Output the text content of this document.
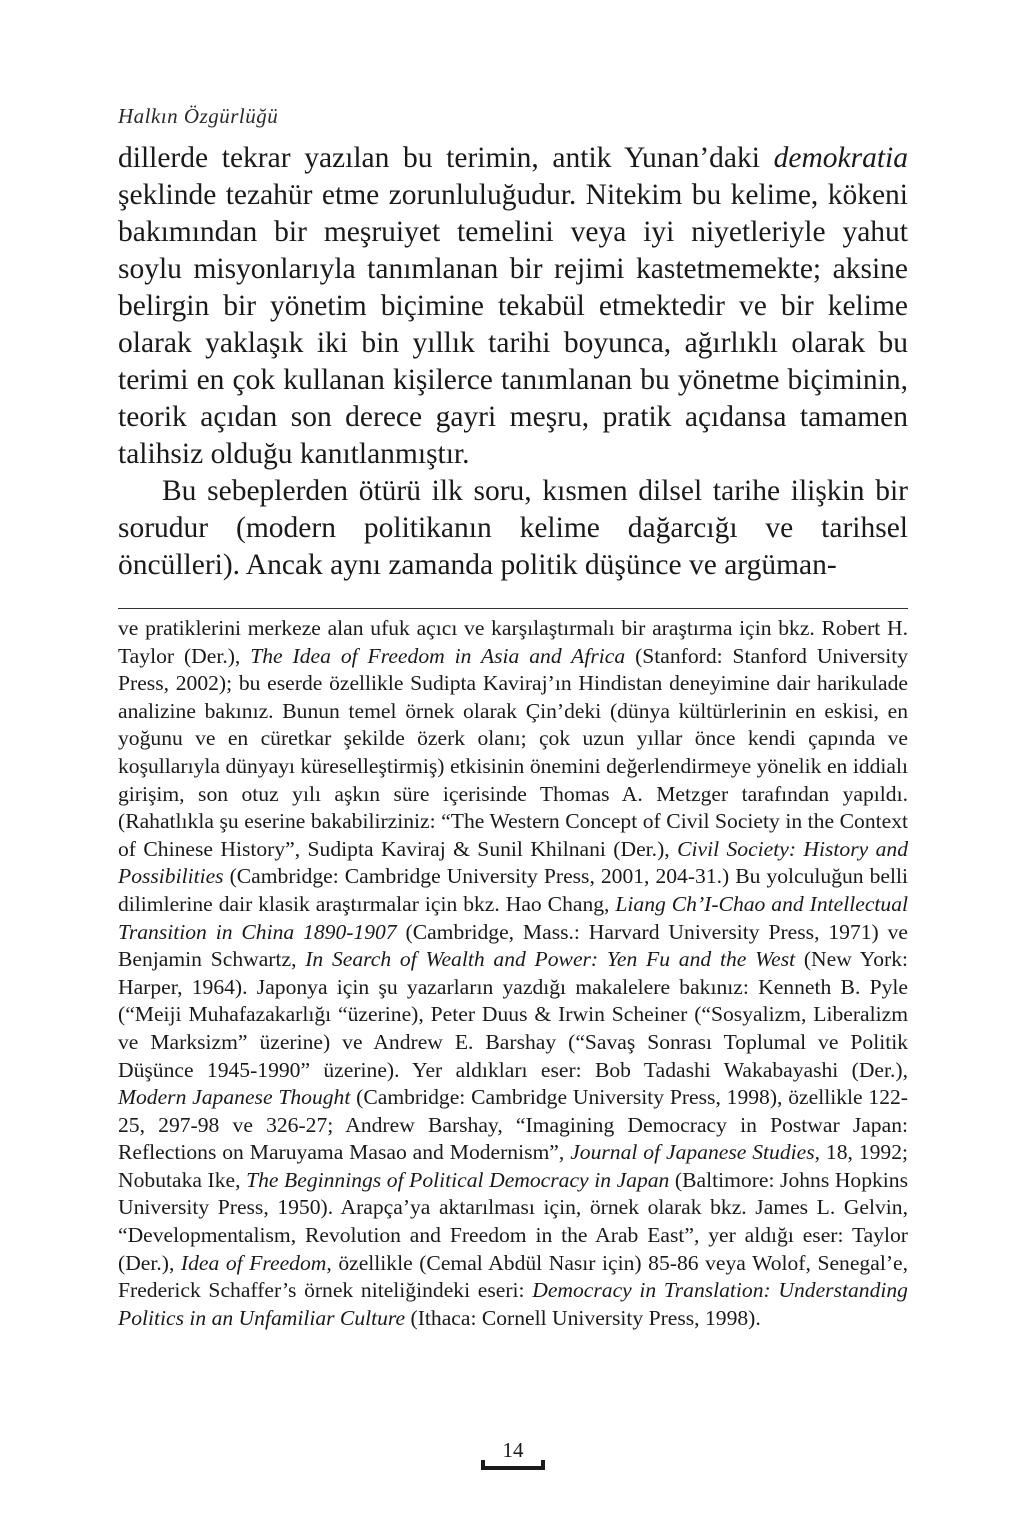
Halkın Özgürlüğü

dillerde tekrar yazılan bu terimin, antik Yunan’daki demokratia şeklinde tezahür etme zorunluluğudur. Nitekim bu kelime, kökeni bakımından bir meşruiyet temelini veya iyi niyetleriyle yahut soylu misyonlarıyla tanımlanan bir rejimi kastetmemekte; aksine belirgin bir yönetim biçimine tekabül etmektedir ve bir kelime olarak yaklaşık iki bin yıllık tarihi boyunca, ağırlıklı olarak bu terimi en çok kullanan kişilerce tanımlanan bu yönetme biçiminin, teorik açıdan son derece gayri meşru, pratik açıdansa tamamen talihsiz olduğu kanıtlanmıştır.

Bu sebeplerden ötürü ilk soru, kısmen dilsel tarihe ilişkin bir sorudur (modern politikanın kelime dağarcığı ve tarihsel öncülleri). Ancak aynı zamanda politik düşünce ve argüman-

ve pratiklerini merkeze alan ufuk açıcı ve karşılaştırmalı bir araştırma için bkz. Robert H. Taylor (Der.), The Idea of Freedom in Asia and Africa (Stanford: Stanford University Press, 2002); bu eserde özellikle Sudipta Kaviraj’ın Hindistan deneyimine dair harikulade analizine bakınız. Bunun temel örnek olarak Çin’deki (dünya kültürlerinin en eskisi, en yoğunu ve en cüretkar şekilde özerk olanı; çok uzun yıllar önce kendi çapında ve koşullarıyla dünyayı küreselleştirmiş) etkisinin önemini değerlendirmeye yönelik en iddialı girişim, son otuz yılı aşkın süre içerisinde Thomas A. Metzger tarafından yapıldı. (Rahatlıkla şu eserine bakabilirziniz: “The Western Concept of Civil Society in the Context of Chinese History”, Sudipta Kaviraj & Sunil Khilnani (Der.), Civil Society: History and Possibilities (Cambridge: Cambridge University Press, 2001, 204-31.) Bu yolculuğun belli dilimlerine dair klasik araştırmalar için bkz. Hao Chang, Liang Ch’I-Chao and Intellectual Transition in China 1890-1907 (Cambridge, Mass.: Harvard University Press, 1971) ve Benjamin Schwartz, In Search of Wealth and Power: Yen Fu and the West (New York: Harper, 1964). Japonya için şu yazarların yazdığı makalelere bakınız: Kenneth B. Pyle (“Meiji Muhafazakarlığı “üzerine), Peter Duus & Irwin Scheiner (“Sosyalizm, Liberalizm ve Marksizm” üzerine) ve Andrew E. Barshay (“Savaş Sonrası Toplumal ve Politik Düşünce 1945-1990” üzerine). Yer aldıkları eser: Bob Tadashi Wakabayashi (Der.), Modern Japanese Thought (Cambridge: Cambridge University Press, 1998), özellikle 122-25, 297-98 ve 326-27; Andrew Barshay, “Imagining Democracy in Postwar Japan: Reflections on Maruyama Masao and Modernism”, Journal of Japanese Studies, 18, 1992; Nobutaka Ike, The Beginnings of Political Democracy in Japan (Baltimore: Johns Hopkins University Press, 1950). Arapça’ya aktarılması için, örnek olarak bkz. James L. Gelvin, “Developmentalism, Revolution and Freedom in the Arab East”, yer aldığı eser: Taylor (Der.), Idea of Freedom, özellikle (Cemal Abdül Nasır için) 85-86 veya Wolof, Senegal’e, Frederick Schaffer’s örnek niteliğindeki eseri: Democracy in Translation: Understanding Politics in an Unfamiliar Culture (Ithaca: Cornell University Press, 1998).

14
